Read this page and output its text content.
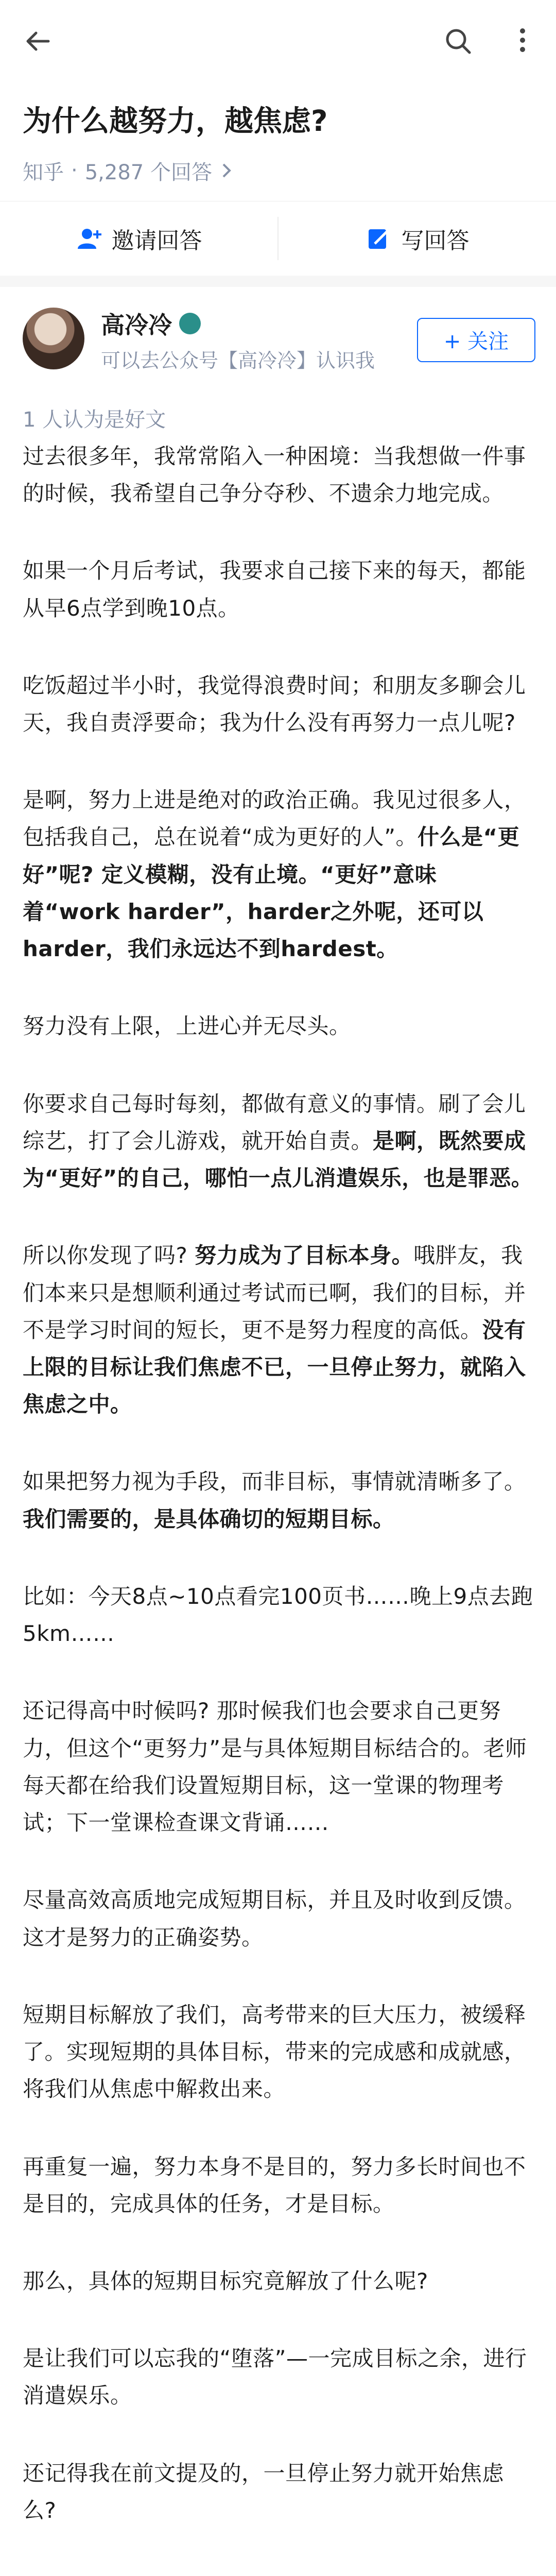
为什么越努力，越焦虑?
知乎 · 5,287 个回答
邀请回答	写回答
高冷冷
可以去公众号【高冷冷】认识我
+ 关注
1 人认为是好文

过去很多年，我常常陷入一种困境：当我想做一件事的时候，我希望自己争分夺秒、不遗余力地完成。

如果一个月后考试，我要求自己接下来的每天，都能从早6点学到晚10点。

吃饭超过半小时，我觉得浪费时间；和朋友多聊会儿天，我自责浮要命；我为什么没有再努力一点儿呢?

是啊，努力上进是绝对的政治正确。我见过很多人，包括我自己，总在说着“成为更好的人”。什么是“更好”呢? 定义模糊，没有止境。“更好”意味着“work harder”，harder之外呢，还可以harder，我们永远达不到hardest。

努力没有上限，上进心并无尽头。

你要求自己每时每刻，都做有意义的事情。刷了会儿综艺，打了会儿游戏，就开始自责。是啊，既然要成为“更好”的自己，哪怕一点儿消遣娱乐，也是罪恶。

所以你发现了吗? 努力成为了目标本身。哦胖友，我们本来只是想顺利通过考试而已啊，我们的目标，并不是学习时间的短长，更不是努力程度的高低。没有上限的目标让我们焦虑不已，一旦停止努力，就陷入焦虑之中。

如果把努力视为手段，而非目标，事情就清晰多了。我们需要的，是具体确切的短期目标。

比如：今天8点~10点看完100页书……晚上9点去跑5km……

还记得高中时候吗? 那时候我们也会要求自己更努力，但这个“更努力”是与具体短期目标结合的。老师每天都在给我们设置短期目标，这一堂课的物理考试；下一堂课检查课文背诵……

尽量高效高质地完成短期目标，并且及时收到反馈。这才是努力的正确姿势。

短期目标解放了我们，高考带来的巨大压力，被缓释了。实现短期的具体目标，带来的完成感和成就感，将我们从焦虑中解救出来。

再重复一遍，努力本身不是目的，努力多长时间也不是目的，完成具体的任务，才是目标。

那么，具体的短期目标究竟解放了什么呢?

是让我们可以忘我的“堕落”—一完成目标之余，进行消遣娱乐。

还记得我在前文提及的，一旦停止努力就开始焦虑么?
